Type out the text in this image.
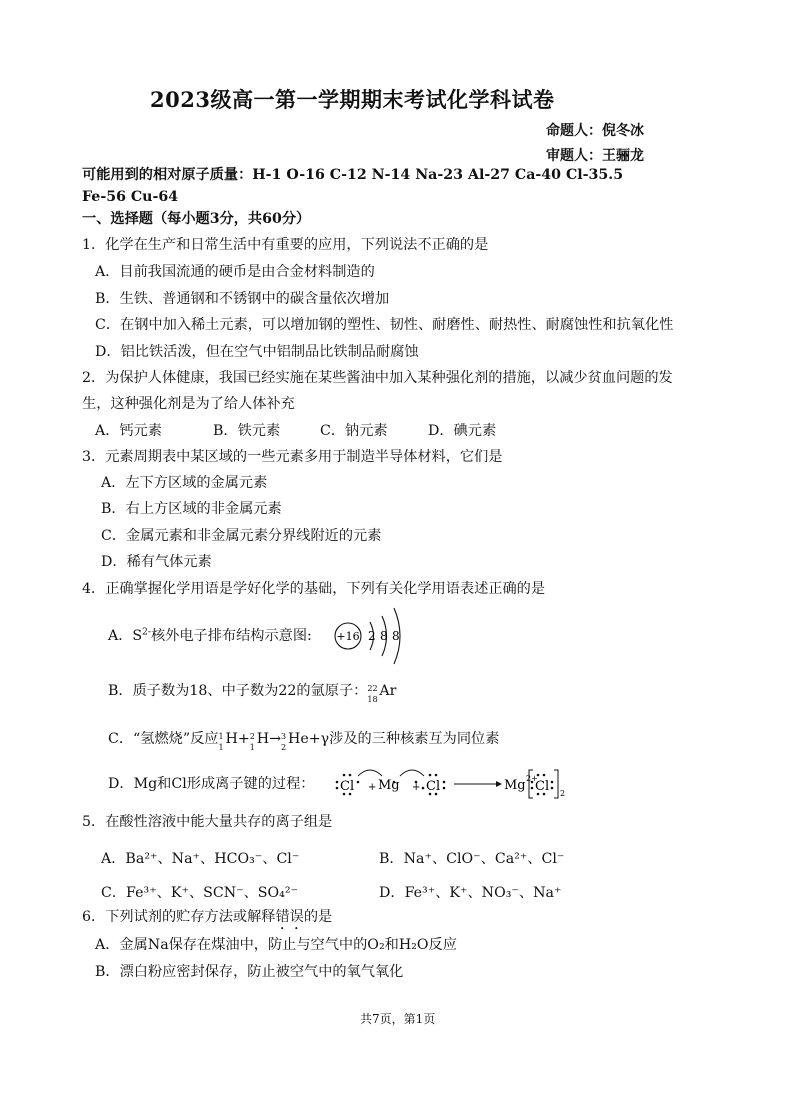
2023级高一第一学期期末考试化学科试卷
命题人：倪冬冰
审题人：王骊龙
可能用到的相对原子质量：H-1 O-16 C-12 N-14 Na-23 Al-27 Ca-40 Cl-35.5
Fe-56 Cu-64
一、选择题（每小题3分，共60分）
1．化学在生产和日常生活中有重要的应用，下列说法不正确的是
A．目前我国流通的硬币是由合金材料制造的
B．生铁、普通钢和不锈钢中的碳含量依次增加
C．在钢中加入稀土元素，可以增加钢的塑性、韧性、耐磨性、耐热性、耐腐蚀性和抗氧化性
D．铝比铁活泼，但在空气中铝制品比铁制品耐腐蚀
2．为保护人体健康，我国已经实施在某些酱油中加入某种强化剂的措施，以减少贫血问题的发
生，这种强化剂是为了给人体补充
A．钙元素	B．铁元素	C．钠元素	D．碘元素
3．元素周期表中某区域的一些元素多用于制造半导体材料，它们是
A．左下方区域的金属元素
B．右上方区域的非金属元素
C．金属元素和非金属元素分界线附近的元素
D．稀有气体元素
4．正确掌握化学用语是学好化学的基础，下列有关化学用语表述正确的是
A．$S^{2-}$核外电子排布结构示意图: +16 2 8 8
B．质子数为18、中子数为22的氩原子： 22
18
Ar
C．“氢燃烧”反应 1
1
H+ 2
1
H→ 3
2
He+γ涉及的三种核素互为同位素
D．Mg和Cl形成离子键的过程： Cl + Mg + Cl	Mg 2+
Cl 2
5．在酸性溶液中能大量共存的离子组是
A．Ba²⁺、Na⁺、HCO₃⁻、Cl⁻	B．Na⁺、ClO⁻、Ca²⁺、Cl⁻
C．Fe³⁺、K⁺、SCN⁻、SO₄²⁻	D．Fe³⁺、K⁺、NO₃⁻、Na⁺
6．下列试剂的贮存方法或解释错误的是
A．金属Na保存在煤油中，防止与空气中的O₂和H₂O反应
B．漂白粉应密封保存，防止被空气中的氧气氧化
共7页，第1页
